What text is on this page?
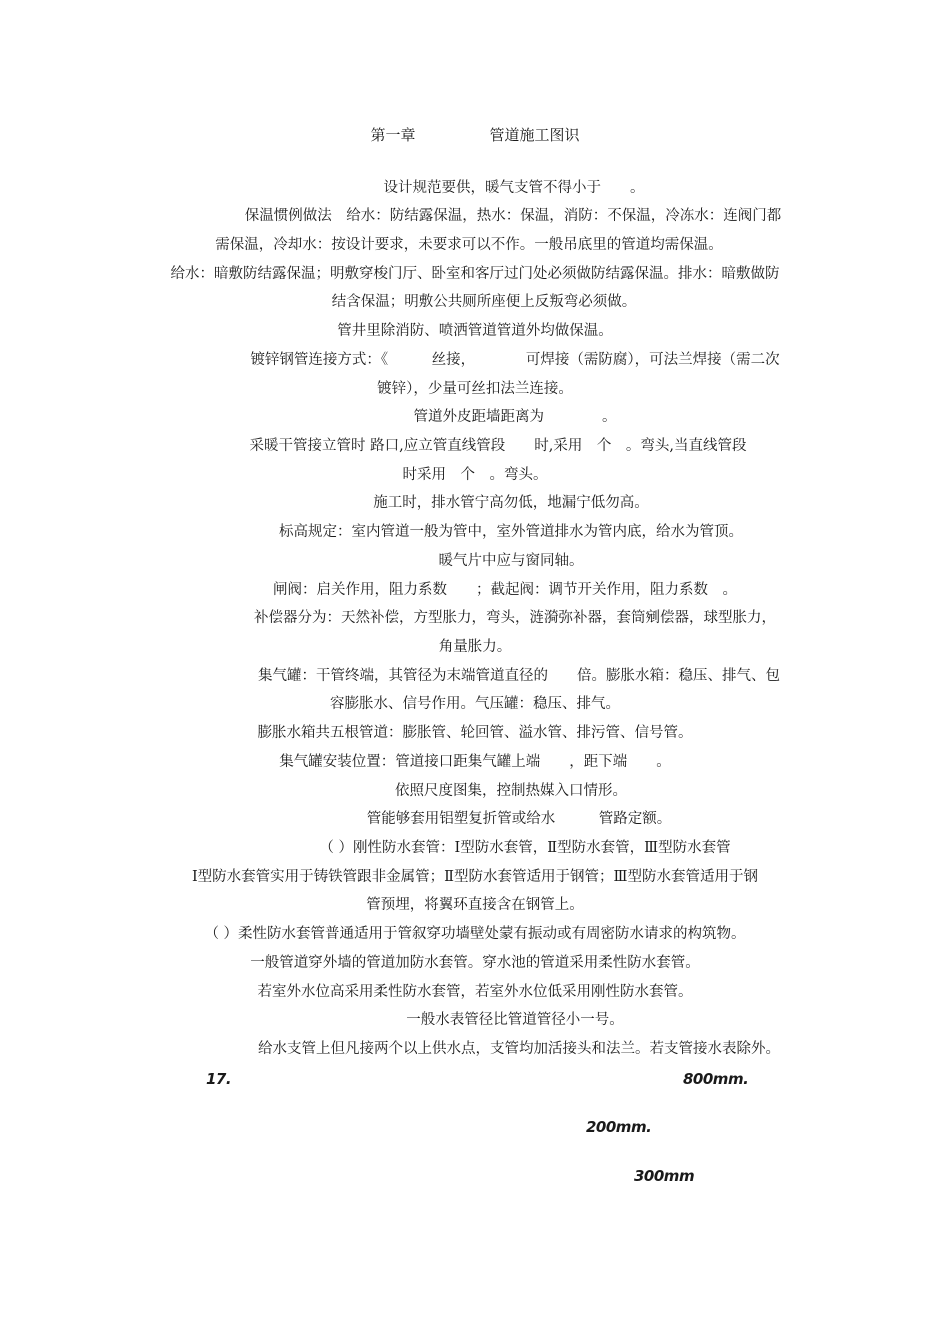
第一章	管道施工图识
设计规范要供，暖气支管不得小于　　。
保温惯例做法　给水：防结露保温，热水：保温，消防：不保温，冷冻水：连阀门都
需保温，冷却水：按设计要求，未要求可以不作。一般吊底里的管道均需保温。
给水：暗敷防结露保温；明敷穿梭门厅、卧室和客厅过门处必须做防结露保温。排水：暗敷做防
结含保温；明敷公共厕所座便上反叛弯必须做。
管井里除消防、喷洒管道管道外均做保温。
镀锌钢管连接方式：《　　　丝接，　　　　可焊接（需防腐），可法兰焊接（需二次
镀锌），少量可丝扣法兰连接。
管道外皮距墙距离为　　　　。
采暖干管接立管时 路口,应立管直线管段　　时,采用　个　。弯头,当直线管段
时采用　个　。弯头。
施工时，排水管宁高勿低，地漏宁低勿高。
标高规定：室内管道一般为管中，室外管道排水为管内底，给水为管顶。
暖气片中应与窗同轴。
闸阀：启关作用，阻力系数　　；截起阀：调节开关作用，阻力系数　。
补偿器分为：天然补偿，方型胀力，弯头，涟漪弥补器，套筒剜偿器，球型胀力，
角量胀力。
集气罐：干管终端，其管径为末端管道直径的　　倍。膨胀水箱：稳压、排气、包
容膨胀水、信号作用。气压罐：稳压、排气。
膨胀水箱共五根管道：膨胀管、轮回管、溢水管、排污管、信号管。
集气罐安装位置：管道接口距集气罐上端　　，距下端　　。
依照尺度图集，控制热媒入口情形。
管能够套用铝塑复折管或给水　　　管路定额。
（ ）刚性防水套管：Ⅰ型防水套管，Ⅱ型防水套管，Ⅲ型防水套管
Ⅰ型防水套管实用于铸铁管跟非金属管；Ⅱ型防水套管适用于钢管；Ⅲ型防水套管适用于钢
管预埋，将翼环直接含在钢管上。
（ ）柔性防水套管普通适用于管叙穿功墙壁处蒙有振动或有周密防水请求的构筑物。
一般管道穿外墙的管道加防水套管。穿水池的管道采用柔性防水套管。
若室外水位高采用柔性防水套管，若室外水位低采用刚性防水套管。
一般水表管径比管道管径小一号。
给水支管上但凡接两个以上供水点，支管均加活接头和法兰。若支管接水表除外。
17.	800mm.
200mm.
300mm
